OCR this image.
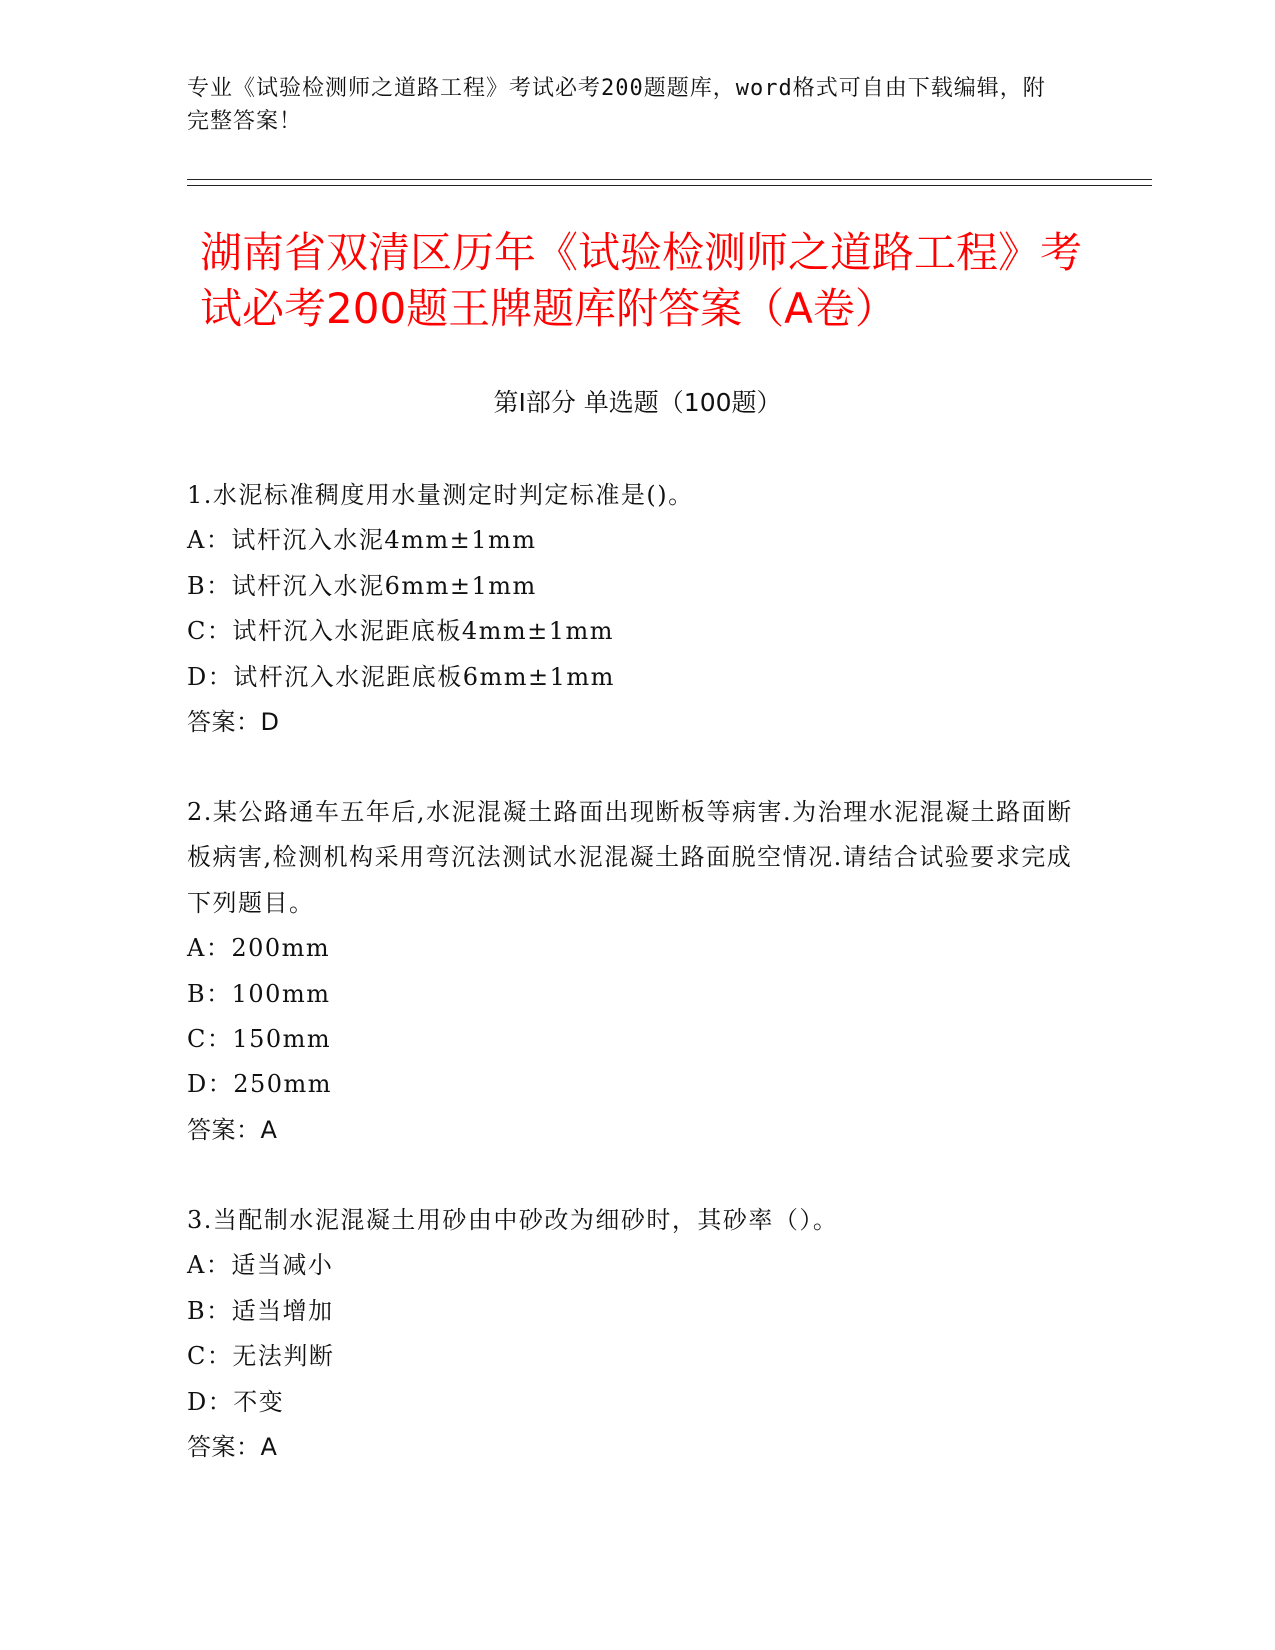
专业《试验检测师之道路工程》考试必考200题题库，word格式可自由下载编辑，附完整答案！
湖南省双清区历年《试验检测师之道路工程》考试必考200题王牌题库附答案（A卷）
第I部分 单选题（100题）
1.水泥标准稠度用水量测定时判定标准是()。
A：试杆沉入水泥4mm±1mm
B：试杆沉入水泥6mm±1mm
C：试杆沉入水泥距底板4mm±1mm
D：试杆沉入水泥距底板6mm±1mm
答案：D
2.某公路通车五年后,水泥混凝土路面出现断板等病害.为治理水泥混凝土路面断板病害,检测机构采用弯沉法测试水泥混凝土路面脱空情况.请结合试验要求完成下列题目。
A：200mm
B：100mm
C：150mm
D：250mm
答案：A
3.当配制水泥混凝土用砂由中砂改为细砂时，其砂率（）。
A：适当减小
B：适当增加
C：无法判断
D：不变
答案：A
